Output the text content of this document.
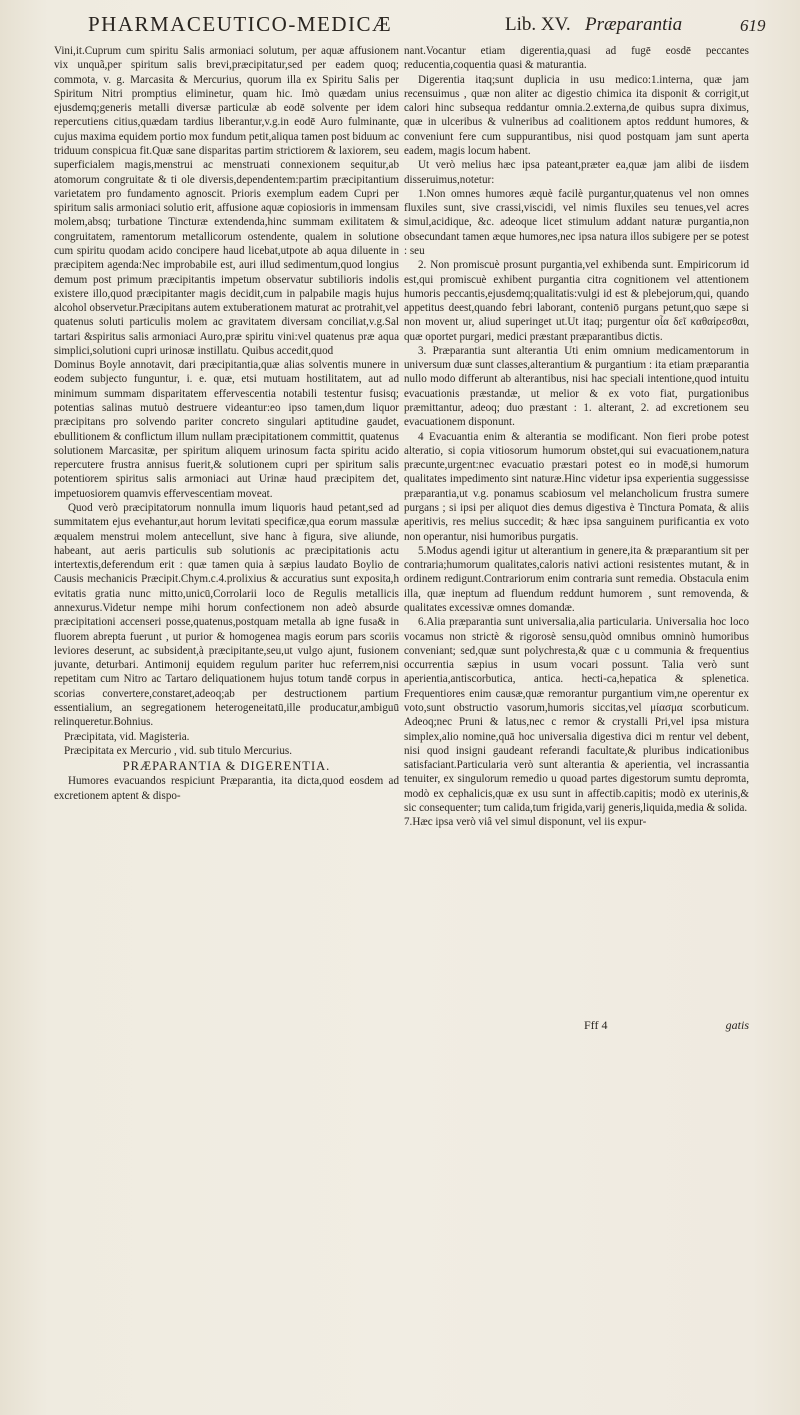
PHARMACEUTICO-MEDICÆ	Lib. XV. Præparantia	619

Vini,it.Cuprum cum spiritu Salis armoniaci solutum, per aquæ affusionem vix unquã,per spiritum salis brevi,præcipitatur,sed per eadem quoq; commota, v. g. Marcasita & Mercurius, quorum illa ex Spiritu Salis per Spiritum Nitri promptius eliminetur, quam hic. Imò quædam unius ejusdemq;generis metalli diversæ particulæ ab eodē solvente per idem repercutiens citius,quædam tardius liberantur,v.g.in eodē Auro fulminante, cujus maxima equidem portio mox fundum petit,aliqua tamen post biduum ac triduum conspicua fit.Quæ sane disparitas partim strictiorem & laxiorem, seu superficialem magis,menstrui ac menstruati connexionem sequitur,ab atomorum congruitate & ti ole diversis,dependentem:partim præcipitantium varietatem pro fundamento agnoscit. Prioris exemplum eadem Cupri per spiritum salis armoniaci solutio erit, affusione aquæ copiosioris in immensam molem,absq; turbatione Tincturæ extendenda,hinc summam exilitatem & congruitatem, ramentorum metallicorum ostendente, qualem in solutione cum spiritu quodam acido concipere haud licebat,utpote ab aqua diluente in præcipitem agenda:Nec improbabile est, auri illud sedimentum,quod longius demum post primum præcipitantis impetum observatur subtilioris indolis existere illo,quod præcipitanter magis decidit,cum in palpabile magis hujus alcohol observetur.Præcipitans autem extuberationem maturat ac protrahit,vel quatenus soluti particulis molem ac gravitatem diversam conciliat,v.g.Sal tartari &spiritus salis armoniaci Auro,præ spiritu vini:vel quatenus præ aqua simplici,solutioni cupri urinosæ instillatu. Quibus accedit,quod

Dominus Boyle annotavit, dari præcipitantia,quæ alias solventis munere in eodem subjecto funguntur, i. e. quæ, etsi mutuam hostilitatem, aut ad minimum summam disparitatem effervescentia notabili testentur fusisq; potentias salinas mutuò destruere videantur:eo ipso tamen,dum liquor præcipitans pro solvendo pariter concreto singulari aptitudine gaudet, ebullitionem & conflictum illum nullam præcipitationem committit, quatenus solutionem Marcasitæ, per spiritum aliquem urinosum facta spiritu acido repercutere frustra annisus fuerit,& solutionem cupri per spiritum salis potentiorem spiritus salis armoniaci aut Urinæ haud præcipitem det, impetuosiorem quamvis effervescentiam moveat.

Quod verò præcipitatorum nonnulla imum liquoris haud petant,sed ad summitatem ejus evehantur,aut horum levitati specificæ,qua eorum massulæ æqualem menstrui molem antecellunt, sive hanc à figura, sive aliunde, habeant, aut aeris particulis sub solutionis ac præcipitationis actu intertextis,deferendum erit : quæ tamen quia à sæpius laudato Boylio de Causis mechanicis Præcipit.Chym.c.4.prolixius & accuratius sunt exposita,h evitatis gratia nunc mitto,unicū,Corrolarii loco de Regulis metallicis annexurus.Videtur nempe mihi horum confectionem non adeò absurde præcipitationi accenseri posse,quatenus,postquam metalla ab igne fusa& in fluorem abrepta fuerunt , ut purior & homogenea magis eorum pars scoriis leviores deserunt, ac subsident,à præcipitante,seu,ut vulgo ajunt, fusionem juvante, deturbari. Antimonij equidem regulum pariter huc referrem,nisi repetitam cum Nitro ac Tartaro deliquationem hujus totum tandē corpus in scorias convertere,constaret,adeoq;ab per destructionem partium essentialium, an segregationem heterogeneitatū,ille producatur,ambiguū relinqueretur.Bohnius.

Præcipitata, vid. Magisteria.

Præcipitata ex Mercurio , vid. sub titulo Mercurius.

PRÆPARANTIA & DIGERENTIA.

Humores evacuandos respiciunt Præparantia, ita dicta,quod eosdem ad excretionem aptent & dispo-

nant.Vocantur etiam digerentia,quasi ad fugē eosdē peccantes reducentia,coquentia quasi & maturantia.

Digerentia itaq;sunt duplicia in usu medico:1.interna, quæ jam recensuimus , quæ non aliter ac digestio chimica ita disponit & corrigit,ut calori hinc subsequa reddantur omnia.2.externa,de quibus supra diximus, quæ in ulceribus & vulneribus ad coalitionem aptos reddunt humores, & conveniunt fere cum suppurantibus, nisi quod postquam jam sunt aperta eadem, magis locum habent.

Ut verò melius hæc ipsa pateant,præter ea,quæ jam alibi de iisdem disseruimus,notetur:

1.Non omnes humores æquè facilè purgantur,quatenus vel non omnes fluxiles sunt, sive crassi,viscidi, vel nimis fluxiles seu tenues,vel acres simul,acidique, &c. adeoque licet stimulum addant naturæ purgantia,non obsecundant tamen æque humores,nec ipsa natura illos subigere per se potest : seu

2. Non promiscuè prosunt purgantia,vel exhibenda sunt. Empiricorum id est,qui promiscuè exhibent purgantia citra cognitionem vel attentionem humoris peccantis,ejusdemq;qualitatis:vulgi id est & plebejorum,qui, quando appetitus deest,quando febri laborant, conteniō purgans petunt,quo sæpe si non movent ur, aliud superinget ut.Ut itaq; purgentur οἷα δεῖ καθαίρεσθαι, quæ oportet purgari, medici præstant præparantibus dictis.

3. Præparantia sunt alterantia Uti enim omnium medicamentorum in universum duæ sunt classes,alterantium & purgantium : ita etiam præparantia nullo modo differunt ab alterantibus, nisi hac speciali intentione,quod intuitu evacuationis præstandæ, ut melior & ex voto fiat, purgationibus præmittantur, adeoq; duo præstant : 1. alterant, 2. ad excretionem seu evacuationem disponunt.

4 Evacuantia enim & alterantia se modificant. Non fieri probe potest alteratio, si copia vitiosorum humorum obstet,qui sui evacuationem,natura præcunte,urgent:nec evacuatio præstari potest eo in modē,si humorum qualitates impedimento sint naturæ.Hinc videtur ipsa experientia suggessisse præparantia,ut v.g. ponamus scabiosum vel melancholicum frustra sumere purgans ; si ipsi per aliquot dies demus digestiva è Tinctura Pomata, & aliis aperitivis, res melius succedit; & hæc ipsa sanguinem purificantia ex voto non operantur, nisi humoribus purgatis.

5.Modus agendi igitur ut alterantium in genere,ita & præparantium sit per contraria;humorum qualitates,caloris nativi actioni resistentes mutant, & in ordinem redigunt.Contrariorum enim contraria sunt remedia. Obstacula enim illa, quæ ineptum ad fluendum reddunt humorem , sunt removenda, & qualitates excessivæ omnes domandæ.

6.Alia præparantia sunt universalia,alia particularia. Universalia hoc loco vocamus non strictè & rigorosè sensu,quòd omnibus omninò humoribus conveniant; sed,quæ sunt polychresta,& quæ c u communia & frequentius occurrentia sæpius in usum vocari possunt. Talia verò sunt aperientia,antiscorbutica, antica. hecti-ca,hepatica & splenetica. Frequentiores enim causæ,quæ remorantur purgantium vim,ne operentur ex voto,sunt obstructio vasorum,humoris siccitas,vel μίασμα scorbuticum. Adeoq;nec Pruni & latus,nec c remor & crystalli Pri,vel ipsa mistura simplex,alio nomine,quā hoc universalia digestiva dici m rentur vel debent, nisi quod insigni gaudeant referandi facultate,& pluribus indicationibus satisfaciant.Particularia verò sunt alterantia & aperientia, vel incrassantia tenuiter, ex singulorum remedio u quoad partes digestorum sumtu depromta, modò ex cephalicis,quæ ex usu sunt in affectib.capitis; modò ex uterinis,& sic consequenter; tum calida,tum frigida,varij generis,liquida,media & solida.

7.Hæc ipsa verò viâ vel simul disponunt, vel iis expur-

Fff 4	gatis
